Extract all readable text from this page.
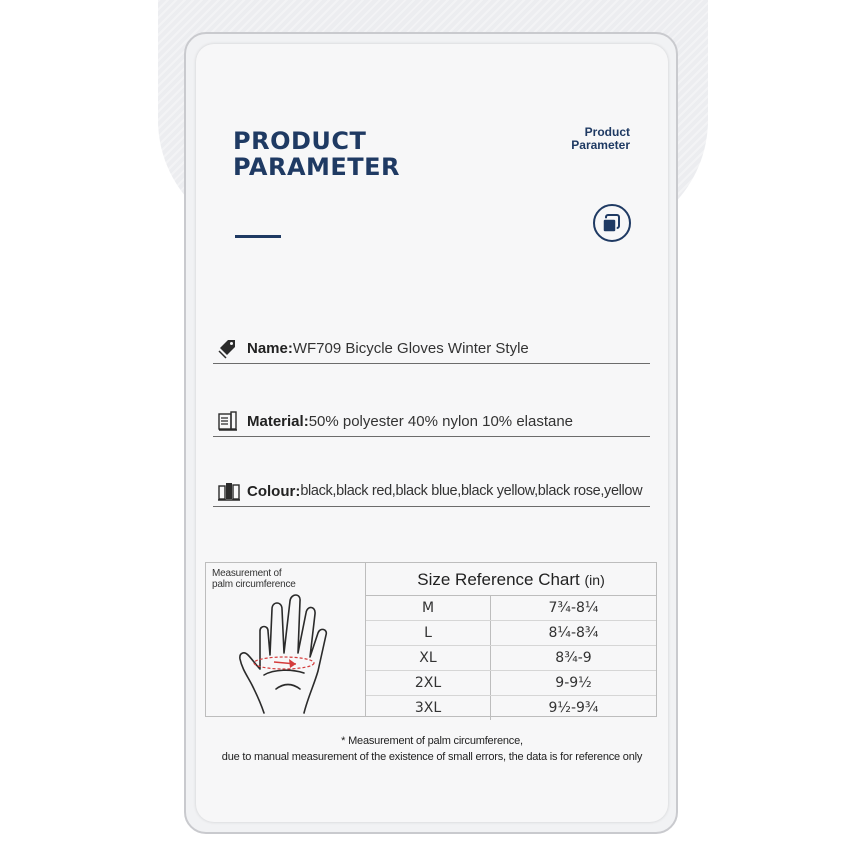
PRODUCT
PARAMETER
Product
Parameter
Name: WF709 Bicycle Gloves Winter Style
Material: 50% polyester 40% nylon 10% elastane
Colour: black,black red,black blue,black yellow,black rose,yellow
Measurement of
palm circumference	Size Reference Chart (in)
M	7¾-8¼
L	8¼-8¾
XL	8¾-9
2XL	9-9½
3XL	9½-9¾
* Measurement of palm circumference,
due to manual measurement of the existence of small errors, the data is for reference only
